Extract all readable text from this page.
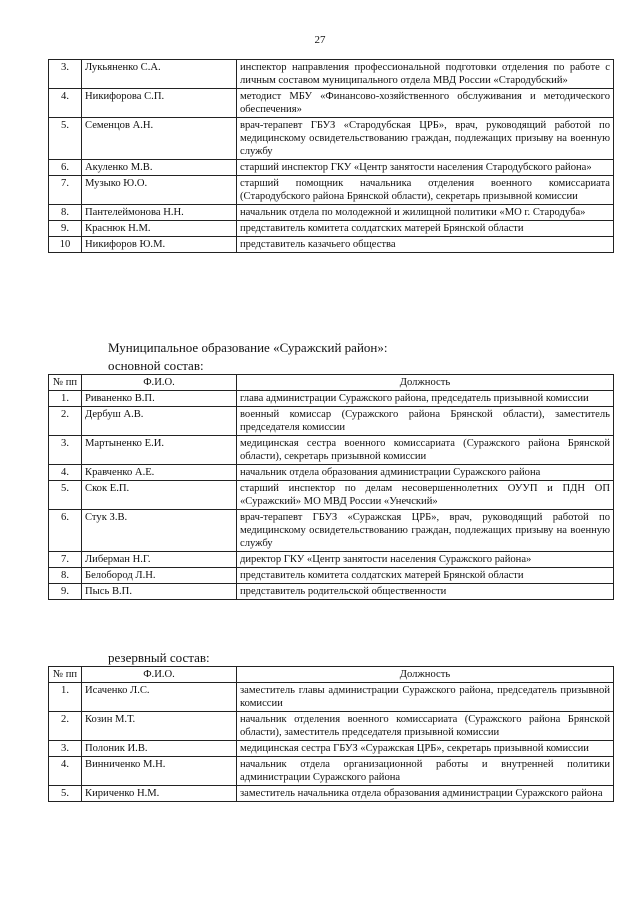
27
3.	Лукьяненко С.А.	инспектор направления профессиональной подготовки отделения по работе с личным составом муниципального отдела МВД России «Стародубский»
4.	Никифорова С.П.	методист МБУ «Финансово-хозяйственного обслуживания и методического обеспечения»
5.	Семенцов А.Н.	врач-терапевт ГБУЗ «Стародубская ЦРБ», врач, руководящий работой по медицинскому освидетельствованию граждан, подлежащих призыву на военную службу
6.	Акуленко М.В.	старший инспектор ГКУ «Центр занятости населения Стародубского района»
7.	Музыко Ю.О.	старший помощник начальника отделения военного комиссариата (Стародубского района Брянской области), секретарь призывной комиссии
8.	Пантелеймонова Н.Н.	начальник отдела по молодежной и жилищной политики «МО г. Стародуба»
9.	Краснюк Н.М.	представитель комитета солдатских матерей Брянской области
10	Никифоров Ю.М.	представитель казачьего общества
Муниципальное образование «Суражский район»:
основной состав:
№ пп	Ф.И.О.	Должность
1.	Риваненко В.П.	глава администрации Суражского района, председатель призывной комиссии
2.	Дербуш А.В.	военный комиссар (Суражского района Брянской области), заместитель председателя комиссии
3.	Мартыненко Е.И.	медицинская сестра военного комиссариата (Суражского района Брянской области), секретарь призывной комиссии
4.	Кравченко А.Е.	начальник отдела образования администрации Суражского района
5.	Скок Е.П.	старший инспектор по делам несовершеннолетних ОУУП и ПДН ОП «Суражский» МО МВД России «Унечский»
6.	Стук З.В.	врач-терапевт ГБУЗ «Суражская ЦРБ», врач, руководящий работой по медицинскому освидетельствованию граждан, подлежащих призыву на военную службу
7.	Либерман Н.Г.	директор ГКУ «Центр занятости населения Суражского района»
8.	Белобород Л.Н.	представитель комитета солдатских матерей Брянской области
9.	Пысь В.П.	представитель родительской общественности
резервный состав:
№ пп	Ф.И.О.	Должность
1.	Исаченко Л.С.	заместитель главы администрации Суражского района, председатель призывной комиссии
2.	Козин М.Т.	начальник отделения военного комиссариата (Суражского района Брянской области), заместитель председателя призывной комиссии
3.	Полоник И.В.	медицинская сестра ГБУЗ «Суражская ЦРБ», секретарь призывной комиссии
4.	Винниченко М.Н.	начальник отдела организационной работы и внутренней политики администрации Суражского района
5.	Кириченко Н.М.	заместитель начальника отдела образования администрации Суражского района
